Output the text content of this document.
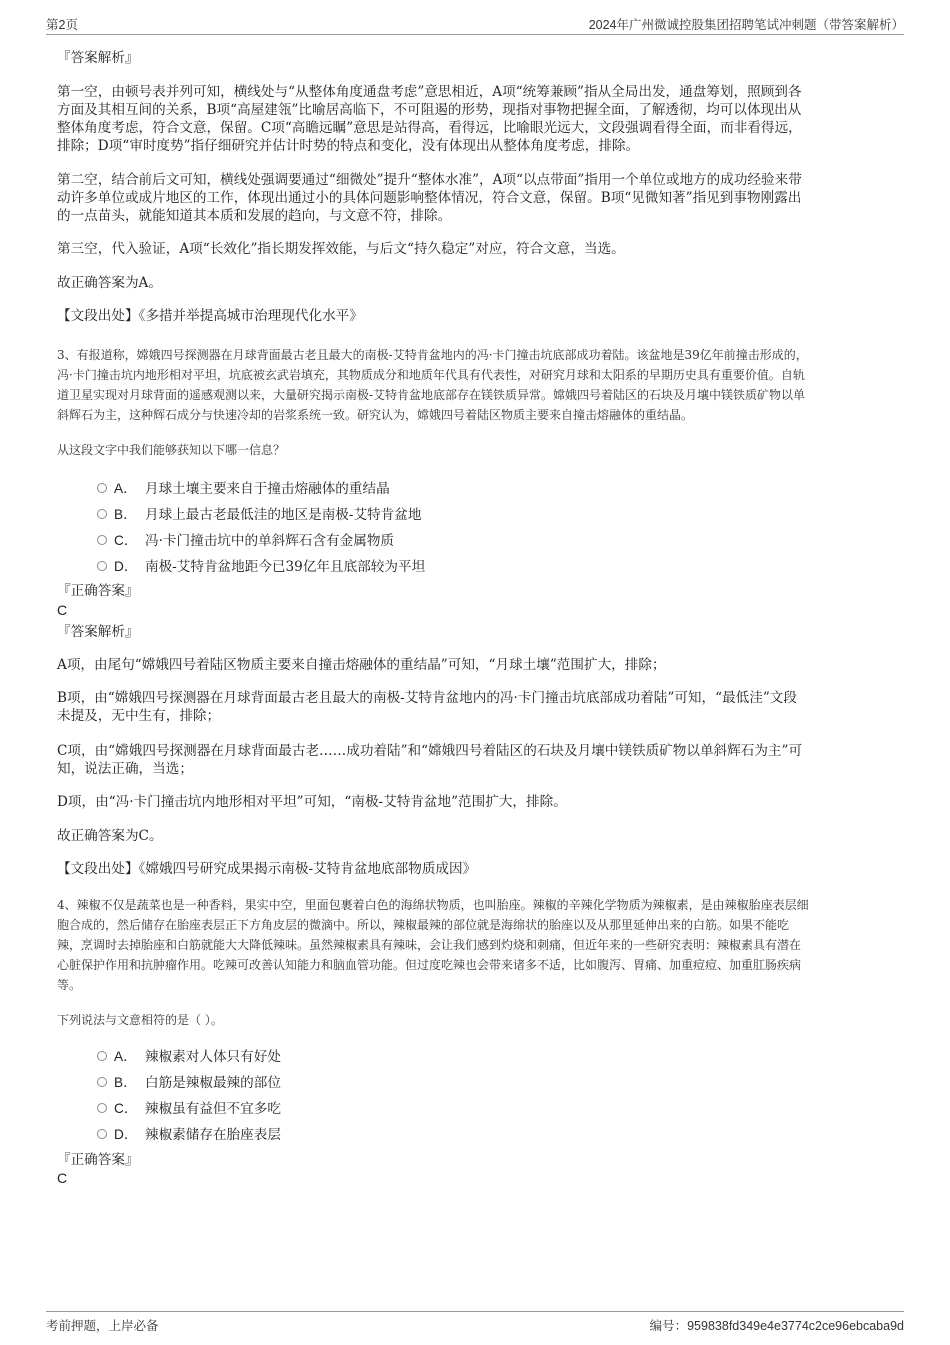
第2页	2024年广州微诚控股集团招聘笔试冲刺题（带答案解析）
『答案解析』
第一空，由顿号表并列可知，横线处与“从整体角度通盘考虑”意思相近，A项“统筹兼顾”指从全局出发，通盘筹划，照顾到各
方面及其相互间的关系，B项“高屋建瓴”比喻居高临下，不可阻遏的形势，现指对事物把握全面，了解透彻，均可以体现出从
整体角度考虑，符合文意，保留。C项“高瞻远瞩”意思是站得高，看得远，比喻眼光远大，文段强调看得全面，而非看得远，
排除；D项“审时度势”指仔细研究并估计时势的特点和变化，没有体现出从整体角度考虑，排除。
第二空，结合前后文可知，横线处强调要通过“细微处”提升“整体水准”，A项“以点带面”指用一个单位或地方的成功经验来带
动许多单位或成片地区的工作，体现出通过小的具体问题影响整体情况，符合文意，保留。B项“见微知著”指见到事物刚露出
的一点苗头，就能知道其本质和发展的趋向，与文意不符，排除。
第三空，代入验证，A项“长效化”指长期发挥效能，与后文“持久稳定”对应，符合文意，当选。
故正确答案为A。
【文段出处】《多措并举提高城市治理现代化水平》
3、有报道称，嫦娥四号探测器在月球背面最古老且最大的南极-艾特肯盆地内的冯·卡门撞击坑底部成功着陆。该盆地是39亿年前撞击形成的，
冯·卡门撞击坑内地形相对平坦，坑底被玄武岩填充，其物质成分和地质年代具有代表性，对研究月球和太阳系的早期历史具有重要价值。自轨
道卫星实现对月球背面的遥感观测以来，大量研究揭示南极-艾特肯盆地底部存在镁铁质异常。嫦娥四号着陆区的石块及月壤中镁铁质矿物以单
斜辉石为主，这种辉石成分与快速冷却的岩浆系统一致。研究认为，嫦娥四号着陆区物质主要来自撞击熔融体的重结晶。
从这段文字中我们能够获知以下哪一信息？
A． 月球土壤主要来自于撞击熔融体的重结晶
B． 月球上最古老最低洼的地区是南极-艾特肯盆地
C． 冯·卡门撞击坑中的单斜辉石含有金属物质
D． 南极-艾特肯盆地距今已39亿年且底部较为平坦
『正确答案』
C
『答案解析』
A项，由尾句“嫦娥四号着陆区物质主要来自撞击熔融体的重结晶”可知，“月球土壤”范围扩大，排除；
B项，由“嫦娥四号探测器在月球背面最古老且最大的南极-艾特肯盆地内的冯·卡门撞击坑底部成功着陆”可知，“最低洼”文段
未提及，无中生有，排除；
C项，由“嫦娥四号探测器在月球背面最古老……成功着陆”和“嫦娥四号着陆区的石块及月壤中镁铁质矿物以单斜辉石为主”可
知，说法正确，当选；
D项，由“冯·卡门撞击坑内地形相对平坦”可知，“南极-艾特肯盆地”范围扩大，排除。
故正确答案为C。
【文段出处】《嫦娥四号研究成果揭示南极-艾特肯盆地底部物质成因》
4、辣椒不仅是蔬菜也是一种香料，果实中空，里面包裹着白色的海绵状物质，也叫胎座。辣椒的辛辣化学物质为辣椒素，是由辣椒胎座表层细
胞合成的，然后储存在胎座表层正下方角皮层的微滴中。所以，辣椒最辣的部位就是海绵状的胎座以及从那里延伸出来的白筋。如果不能吃
辣，烹调时去掉胎座和白筋就能大大降低辣味。虽然辣椒素具有辣味，会让我们感到灼烧和刺痛，但近年来的一些研究表明：辣椒素具有潜在
心脏保护作用和抗肿瘤作用。吃辣可改善认知能力和脑血管功能。但过度吃辣也会带来诸多不适，比如腹泻、胃痛、加重痘痘、加重肛肠疾病
等。
下列说法与文意相符的是（ ）。
A． 辣椒素对人体只有好处
B． 白筋是辣椒最辣的部位
C． 辣椒虽有益但不宜多吃
D． 辣椒素储存在胎座表层
『正确答案』
C
考前押题，上岸必备	编号：959838fd349e4e3774c2ce96ebcaba9d
